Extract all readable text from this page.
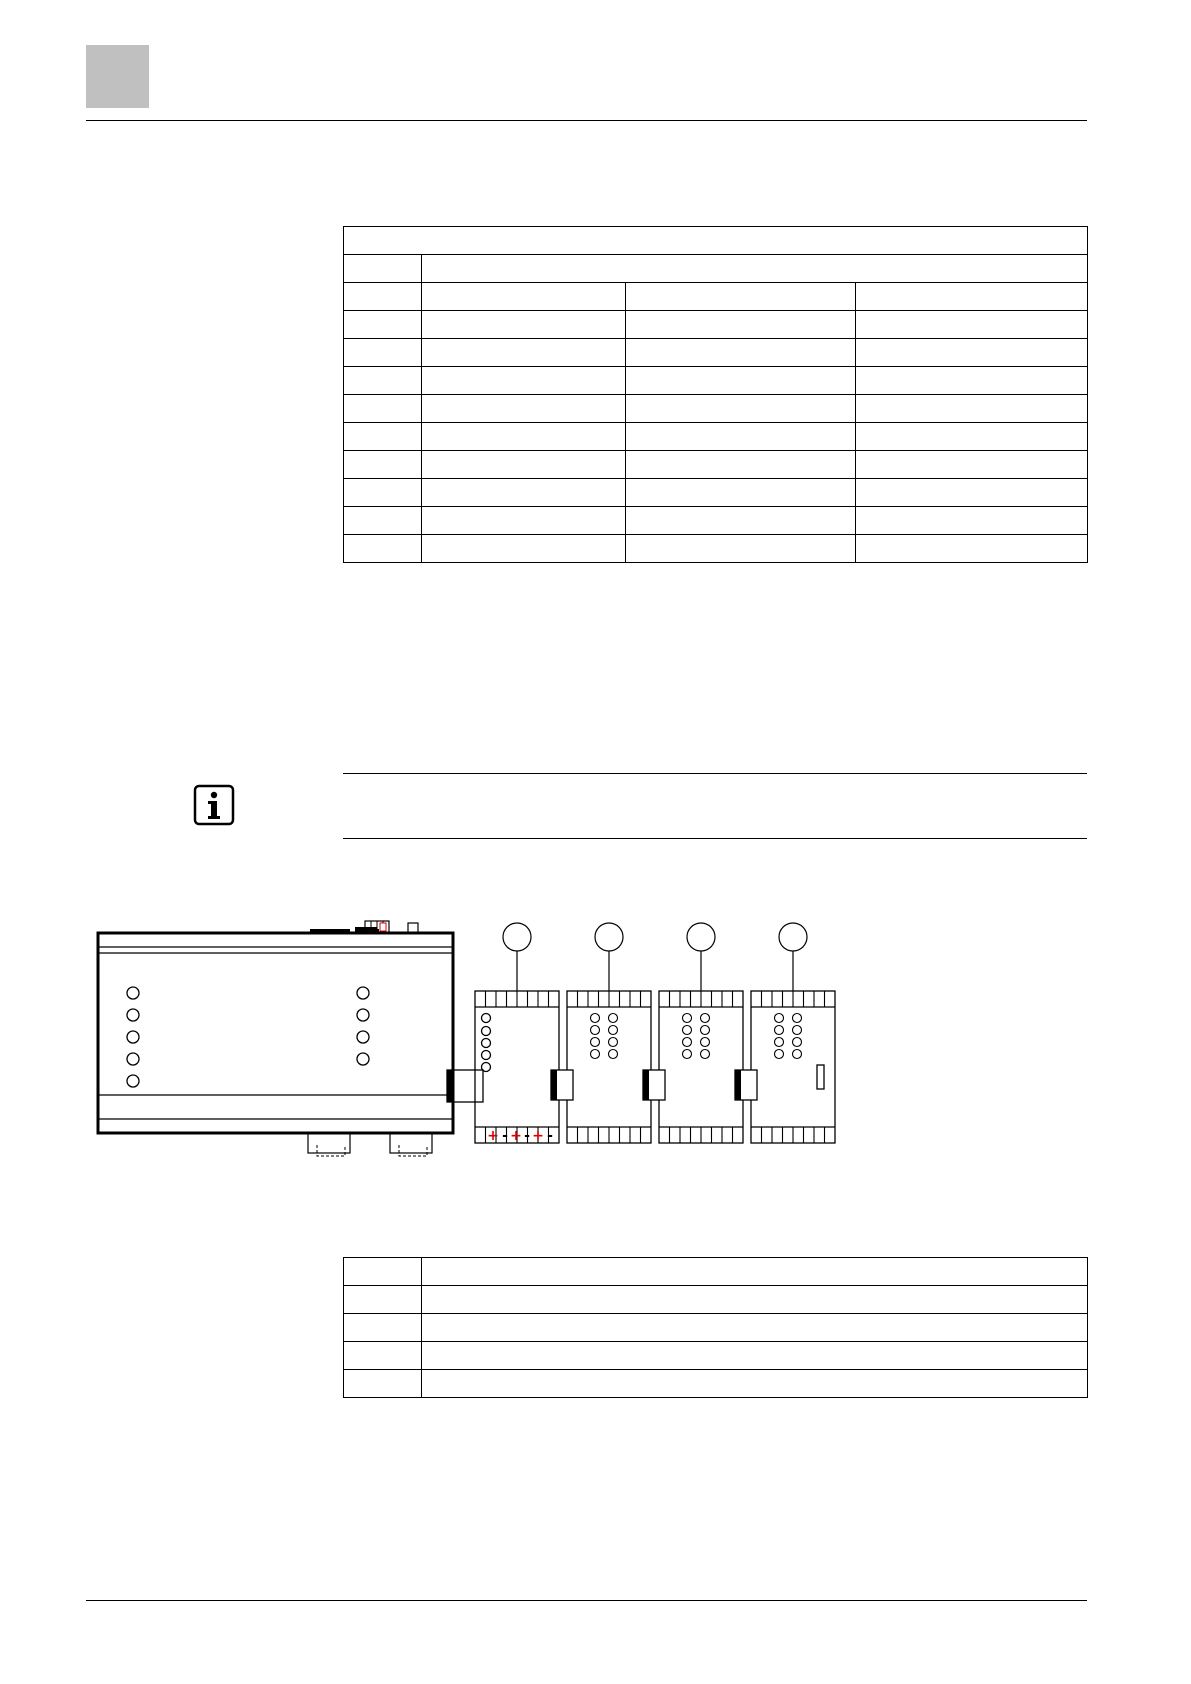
+ - + - + -
